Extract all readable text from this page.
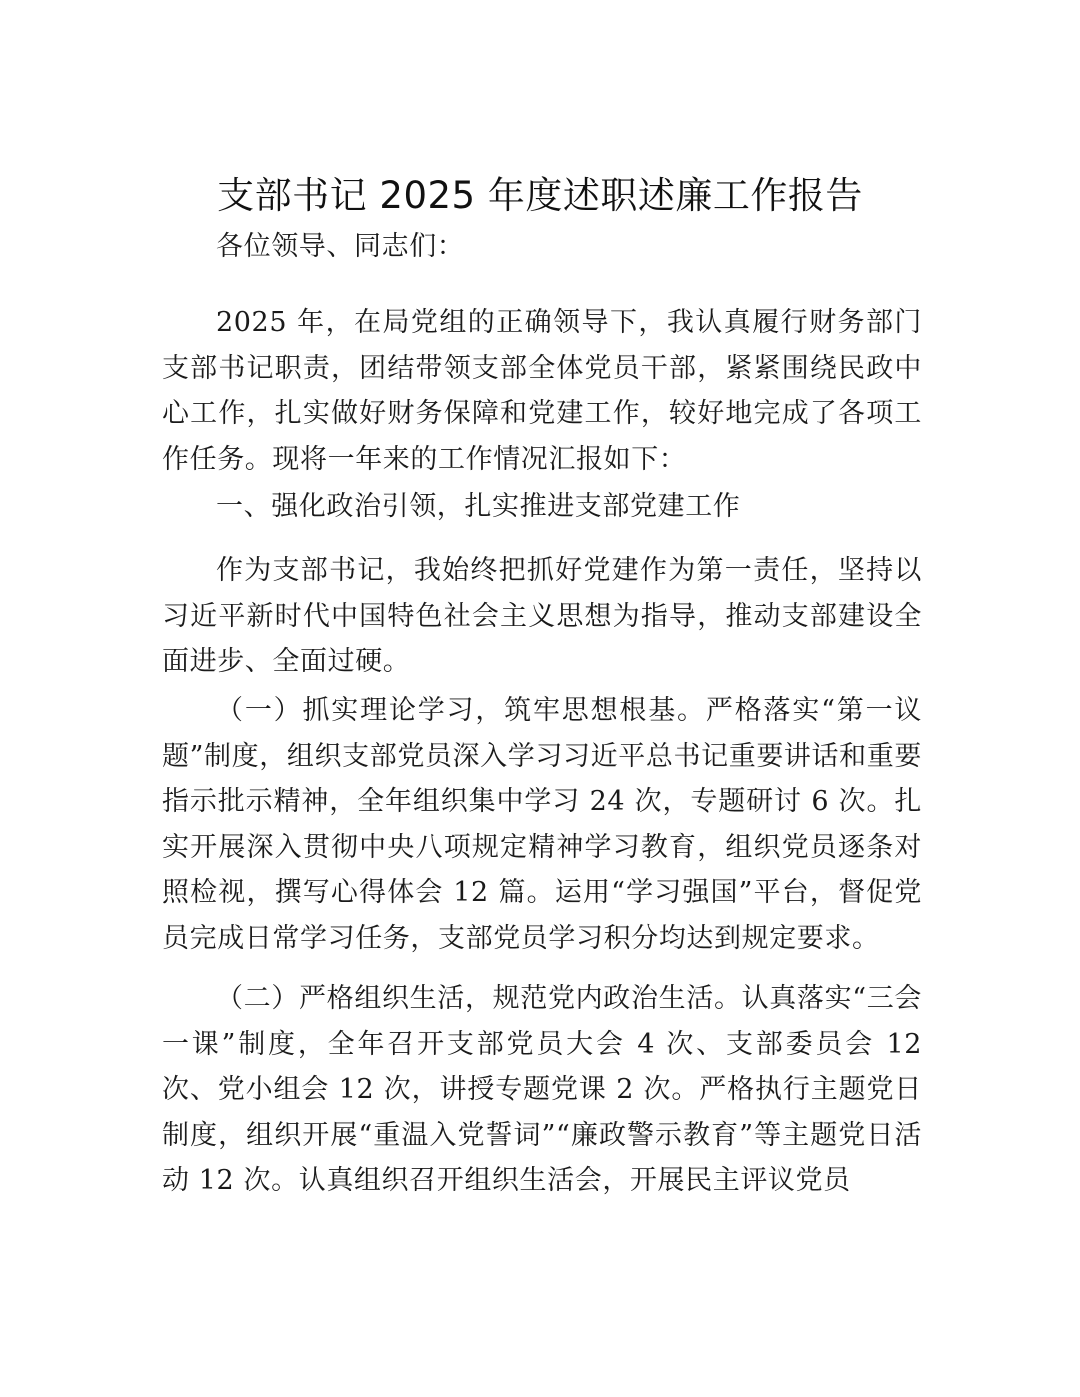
支部书记 2025 年度述职述廉工作报告

各位领导、同志们：

2025 年，在局党组的正确领导下，我认真履行财务部门支部书记职责，团结带领支部全体党员干部，紧紧围绕民政中心工作，扎实做好财务保障和党建工作，较好地完成了各项工作任务。现将一年来的工作情况汇报如下：

一、强化政治引领，扎实推进支部党建工作

作为支部书记，我始终把抓好党建作为第一责任，坚持以习近平新时代中国特色社会主义思想为指导，推动支部建设全面进步、全面过硬。

（一）抓实理论学习，筑牢思想根基。严格落实“第一议题”制度，组织支部党员深入学习习近平总书记重要讲话和重要指示批示精神，全年组织集中学习 24 次，专题研讨 6 次。扎实开展深入贯彻中央八项规定精神学习教育，组织党员逐条对照检视，撰写心得体会 12 篇。运用“学习强国”平台，督促党员完成日常学习任务，支部党员学习积分均达到规定要求。

（二）严格组织生活，规范党内政治生活。认真落实“三会一课”制度，全年召开支部党员大会 4 次、支部委员会 12 次、党小组会 12 次，讲授专题党课 2 次。严格执行主题党日制度，组织开展“重温入党誓词”“廉政警示教育”等主题党日活动 12 次。认真组织召开组织生活会，开展民主评议党员
